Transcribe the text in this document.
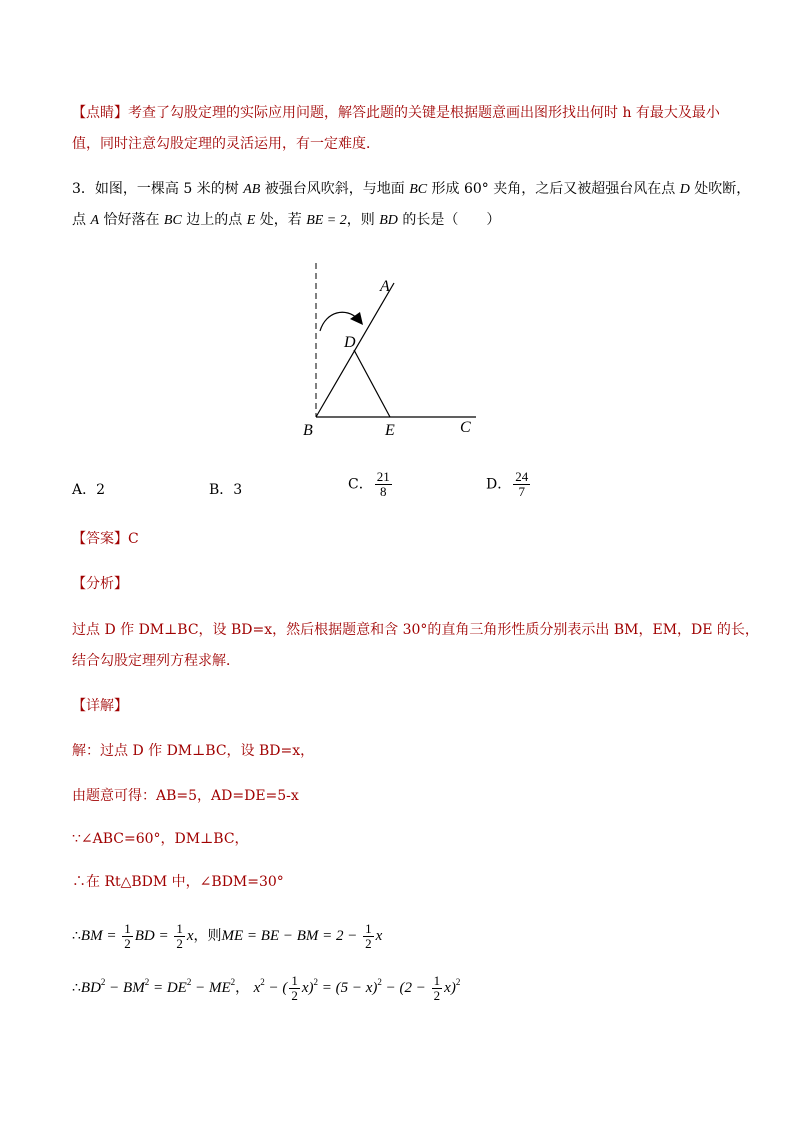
【点睛】考查了勾股定理的实际应用问题，解答此题的关键是根据题意画出图形找出何时 h 有最大及最小
值，同时注意勾股定理的灵活运用，有一定难度．
3．如图，一棵高 5 米的树 AB 被强台风吹斜，与地面 BC 形成 60° 夹角，之后又被超强台风在点 D 处吹断，
点 A 恰好落在 BC 边上的点 E 处，若 BE = 2，则 BD 的长是（　　）
A
D
B	E	C
A．2	B．3	C． $\frac{21}{8}$	D． $\frac{24}{7}$
【答案】C
【分析】
过点 D 作 DM⊥BC，设 BD=x，然后根据题意和含 30°的直角三角形性质分别表示出 BM，EM，DE 的长，
结合勾股定理列方程求解．
【详解】
解：过点 D 作 DM⊥BC，设 BD=x，
由题意可得：AB=5，AD=DE=5-x
∵∠ABC=60°，DM⊥BC，
∴在 Rt△BDM 中，∠BDM=30°
∴BM = $\frac{1}{2}$ BD = $\frac{1}{2}$ x，则ME = BE − BM = $2 - \frac{1}{2}$ x
$\therefore BD^2 - BM^2 = DE^2 - ME^2$， $x^2$ − ( $\frac{1}{2} x)^2 = (5 - x)^2 - (2 - \frac{1}{2} x)^2$
